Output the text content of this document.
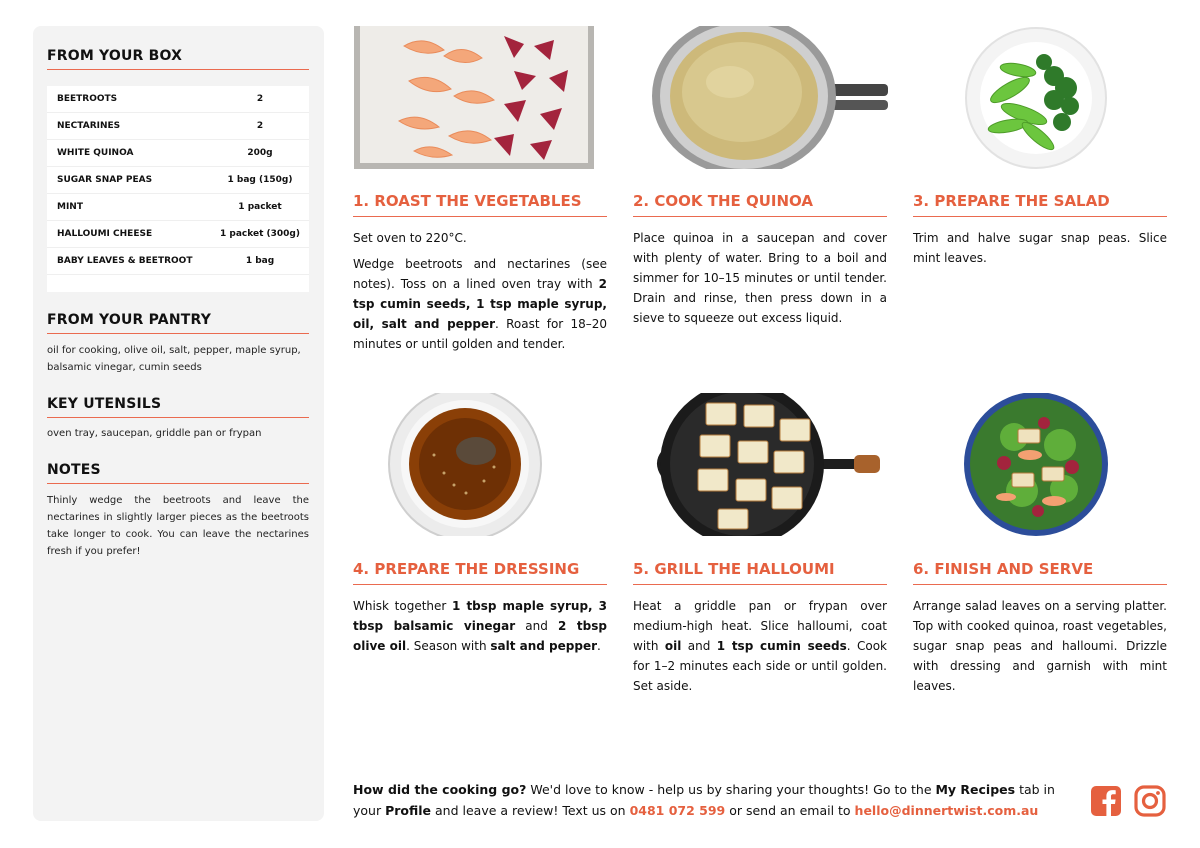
FROM YOUR BOX
BEETROOTS	2
NECTARINES	2
WHITE QUINOA	200g
SUGAR SNAP PEAS	1 bag (150g)
MINT	1 packet
HALLOUMI CHEESE	1 packet (300g)
BABY LEAVES & BEETROOT	1 bag
FROM YOUR PANTRY
oil for cooking, olive oil, salt, pepper, maple syrup, balsamic vinegar, cumin seeds
KEY UTENSILS
oven tray, saucepan, griddle pan or frypan
NOTES
Thinly wedge the beetroots and leave the nectarines in slightly larger pieces as the beetroots take longer to cook. You can leave the nectarines fresh if you prefer!
1. ROAST THE VEGETABLES	2. COOK THE QUINOA	3. PREPARE THE SALAD
4. PREPARE THE DRESSING	5. GRILL THE HALLOUMI	6. FINISH AND SERVE

Set oven to 220°C.

Wedge beetroots and nectarines (see notes). Toss on a lined oven tray with 2 tsp cumin seeds, 1 tsp maple syrup, oil, salt and pepper. Roast for 18–20 minutes or until golden and tender.

Place quinoa in a saucepan and cover with plenty of water. Bring to a boil and simmer for 10–15 minutes or until tender. Drain and rinse, then press down in a sieve to squeeze out excess liquid.

Trim and halve sugar snap peas. Slice mint leaves.

Whisk together 1 tbsp maple syrup, 3 tbsp balsamic vinegar and 2 tbsp olive oil. Season with salt and pepper.

Heat a griddle pan or frypan over medium-high heat. Slice halloumi, coat with oil and 1 tsp cumin seeds. Cook for 1–2 minutes each side or until golden. Set aside.

Arrange salad leaves on a serving platter. Top with cooked quinoa, roast vegetables, sugar snap peas and halloumi. Drizzle with dressing and garnish with mint leaves.

How did the cooking go? We'd love to know - help us by sharing your thoughts! Go to the My Recipes tab in your Profile and leave a review! Text us on 0481 072 599 or send an email to hello@dinnertwist.com.au
